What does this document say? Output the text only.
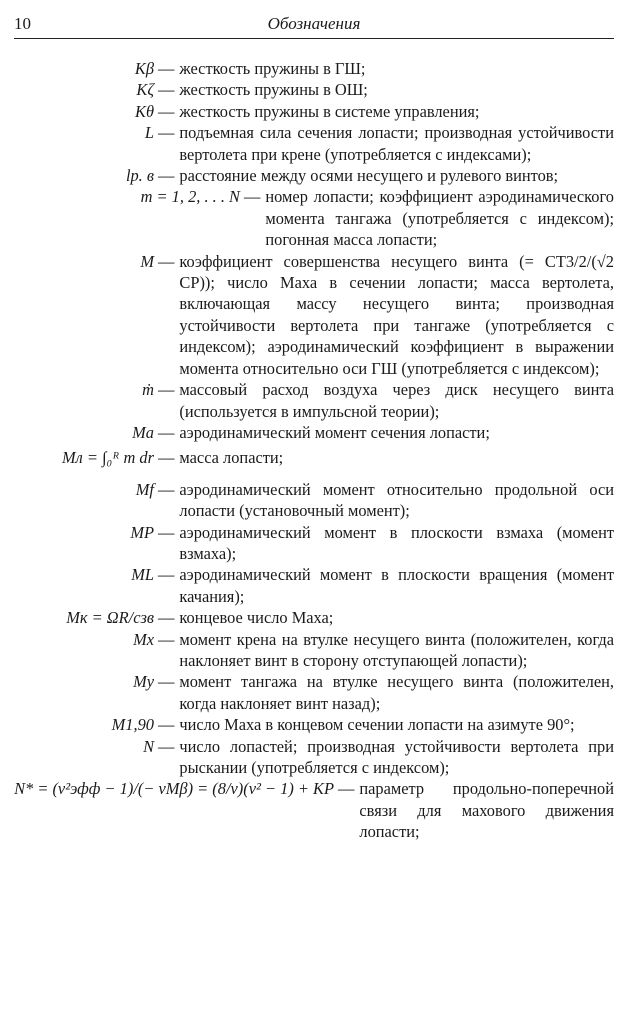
10	Обозначения
Kβ — жесткость пружины в ГШ;
Kζ — жесткость пружины в ОШ;
Kθ — жесткость пружины в системе управления;
L — подъемная сила сечения лопасти; производная устойчивости вертолета при крене (употребляется с индексами);
lр. в — расстояние между осями несущего и рулевого винтов;
m = 1, 2, . . . N — номер лопасти; коэффициент аэродинамического момента тангажа (употребляется с индексом); погонная масса лопасти;
M — коэффициент совершенства несущего винта (= CT3/2/(√2 CP)); число Маха в сечении лопасти; масса вертолета, включающая массу несущего винта; производная устойчивости вертолета при тангаже (употребляется с индексом); аэродинамический коэффициент в выражении момента относительно оси ГШ (употребляется с индексом);
ṁ — массовый расход воздуха через диск несущего винта (используется в импульсной теории);
Ma — аэродинамический момент сечения лопасти;
Mл = ∫₀ᴿ m dr — масса лопасти;
Mf — аэродинамический момент относительно продольной оси лопасти (установочный момент);
MP — аэродинамический момент в плоскости взмаха (момент взмаха);
ML — аэродинамический момент в плоскости вращения (момент качания);
Mк = ΩR/cзв — концевое число Маха;
Mx — момент крена на втулке несущего винта (положителен, когда наклоняет винт в сторону отступающей лопасти);
My — момент тангажа на втулке несущего винта (положителен, когда наклоняет винт назад);
M1,90 — число Маха в концевом сечении лопасти на азимуте 90°;
N — число лопастей; производная устойчивости вертолета при рыскании (употребляется с индексом);
N* = (ν²эфф − 1)/(− νMβ) = (8/ν)(ν² − 1) + KP — параметр продольно-поперечной связи для махового движения лопасти;
